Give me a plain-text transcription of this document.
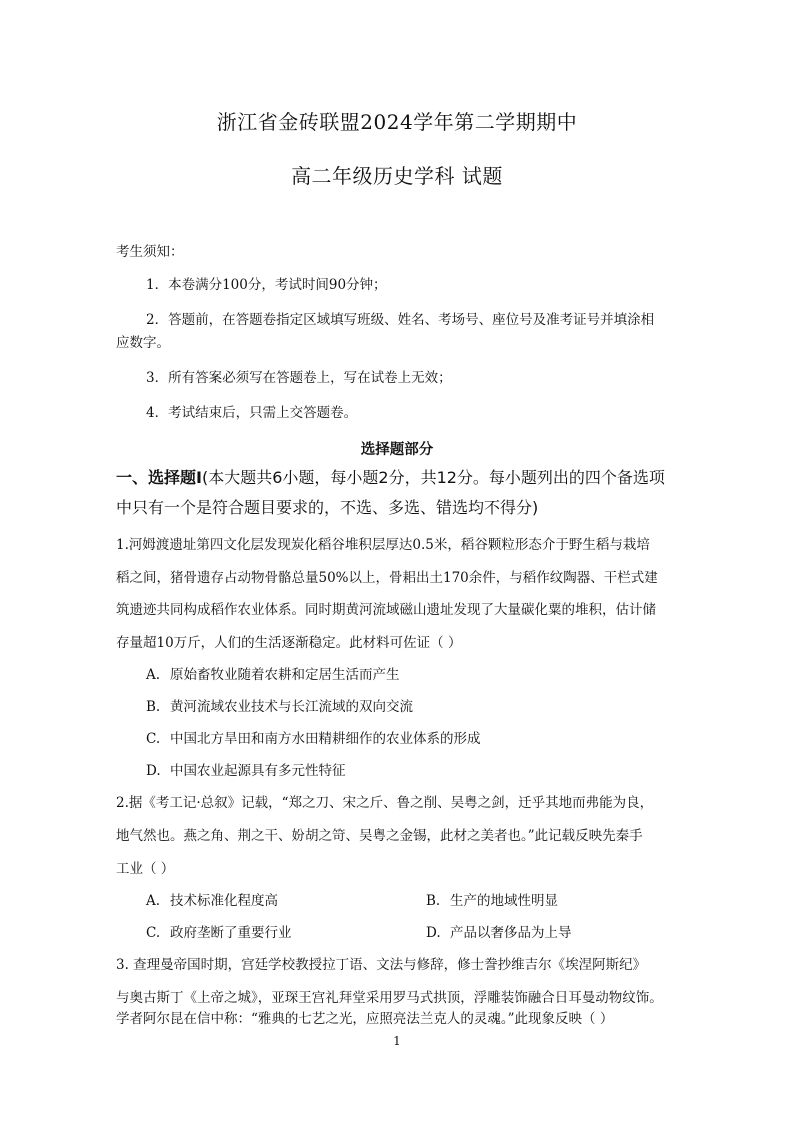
浙江省金砖联盟2024学年第二学期期中
高二年级历史学科 试题
考生须知：
1．本卷满分100分，考试时间90分钟；
2．答题前，在答题卷指定区域填写班级、姓名、考场号、座位号及准考证号并填涂相
应数字。
3．所有答案必须写在答题卷上，写在试卷上无效；
4．考试结束后，只需上交答题卷。
选择题部分
一、选择题Ⅰ(本大题共6小题，每小题2分，共12分。每小题列出的四个备选项
中只有一个是符合题目要求的，不选、多选、错选均不得分)
1.河姆渡遗址第四文化层发现炭化稻谷堆积层厚达0.5米，稻谷颗粒形态介于野生稻与栽培
稻之间，猪骨遗存占动物骨骼总量50%以上，骨耜出土170余件，与稻作纹陶器、干栏式建
筑遗迹共同构成稻作农业体系。同时期黄河流域磁山遗址发现了大量碳化粟的堆积，估计储
存量超10万斤，人们的生活逐渐稳定。此材料可佐证（ ）
A. 原始畜牧业随着农耕和定居生活而产生
B. 黄河流域农业技术与长江流域的双向交流
C. 中国北方旱田和南方水田精耕细作的农业体系的形成
D. 中国农业起源具有多元性特征
2.据《考工记·总叙》记载，“郑之刀、宋之斤、鲁之削、吴粤之剑，迁乎其地而弗能为良，
地气然也。燕之角、荆之干、妢胡之笴、吴粤之金锡，此材之美者也。”此记载反映先秦手
工业（ ）
A. 技术标准化程度高	B. 生产的地域性明显
C. 政府垄断了重要行业	D. 产品以奢侈品为上导
3. 查理曼帝国时期，宫廷学校教授拉丁语、文法与修辞，修士誊抄维吉尔《埃涅阿斯纪》
与奥古斯丁《上帝之城》，亚琛王宫礼拜堂采用罗马式拱顶，浮雕装饰融合日耳曼动物纹饰。
学者阿尔昆在信中称：“雅典的七艺之光，应照亮法兰克人的灵魂。”此现象反映（ ）
1
